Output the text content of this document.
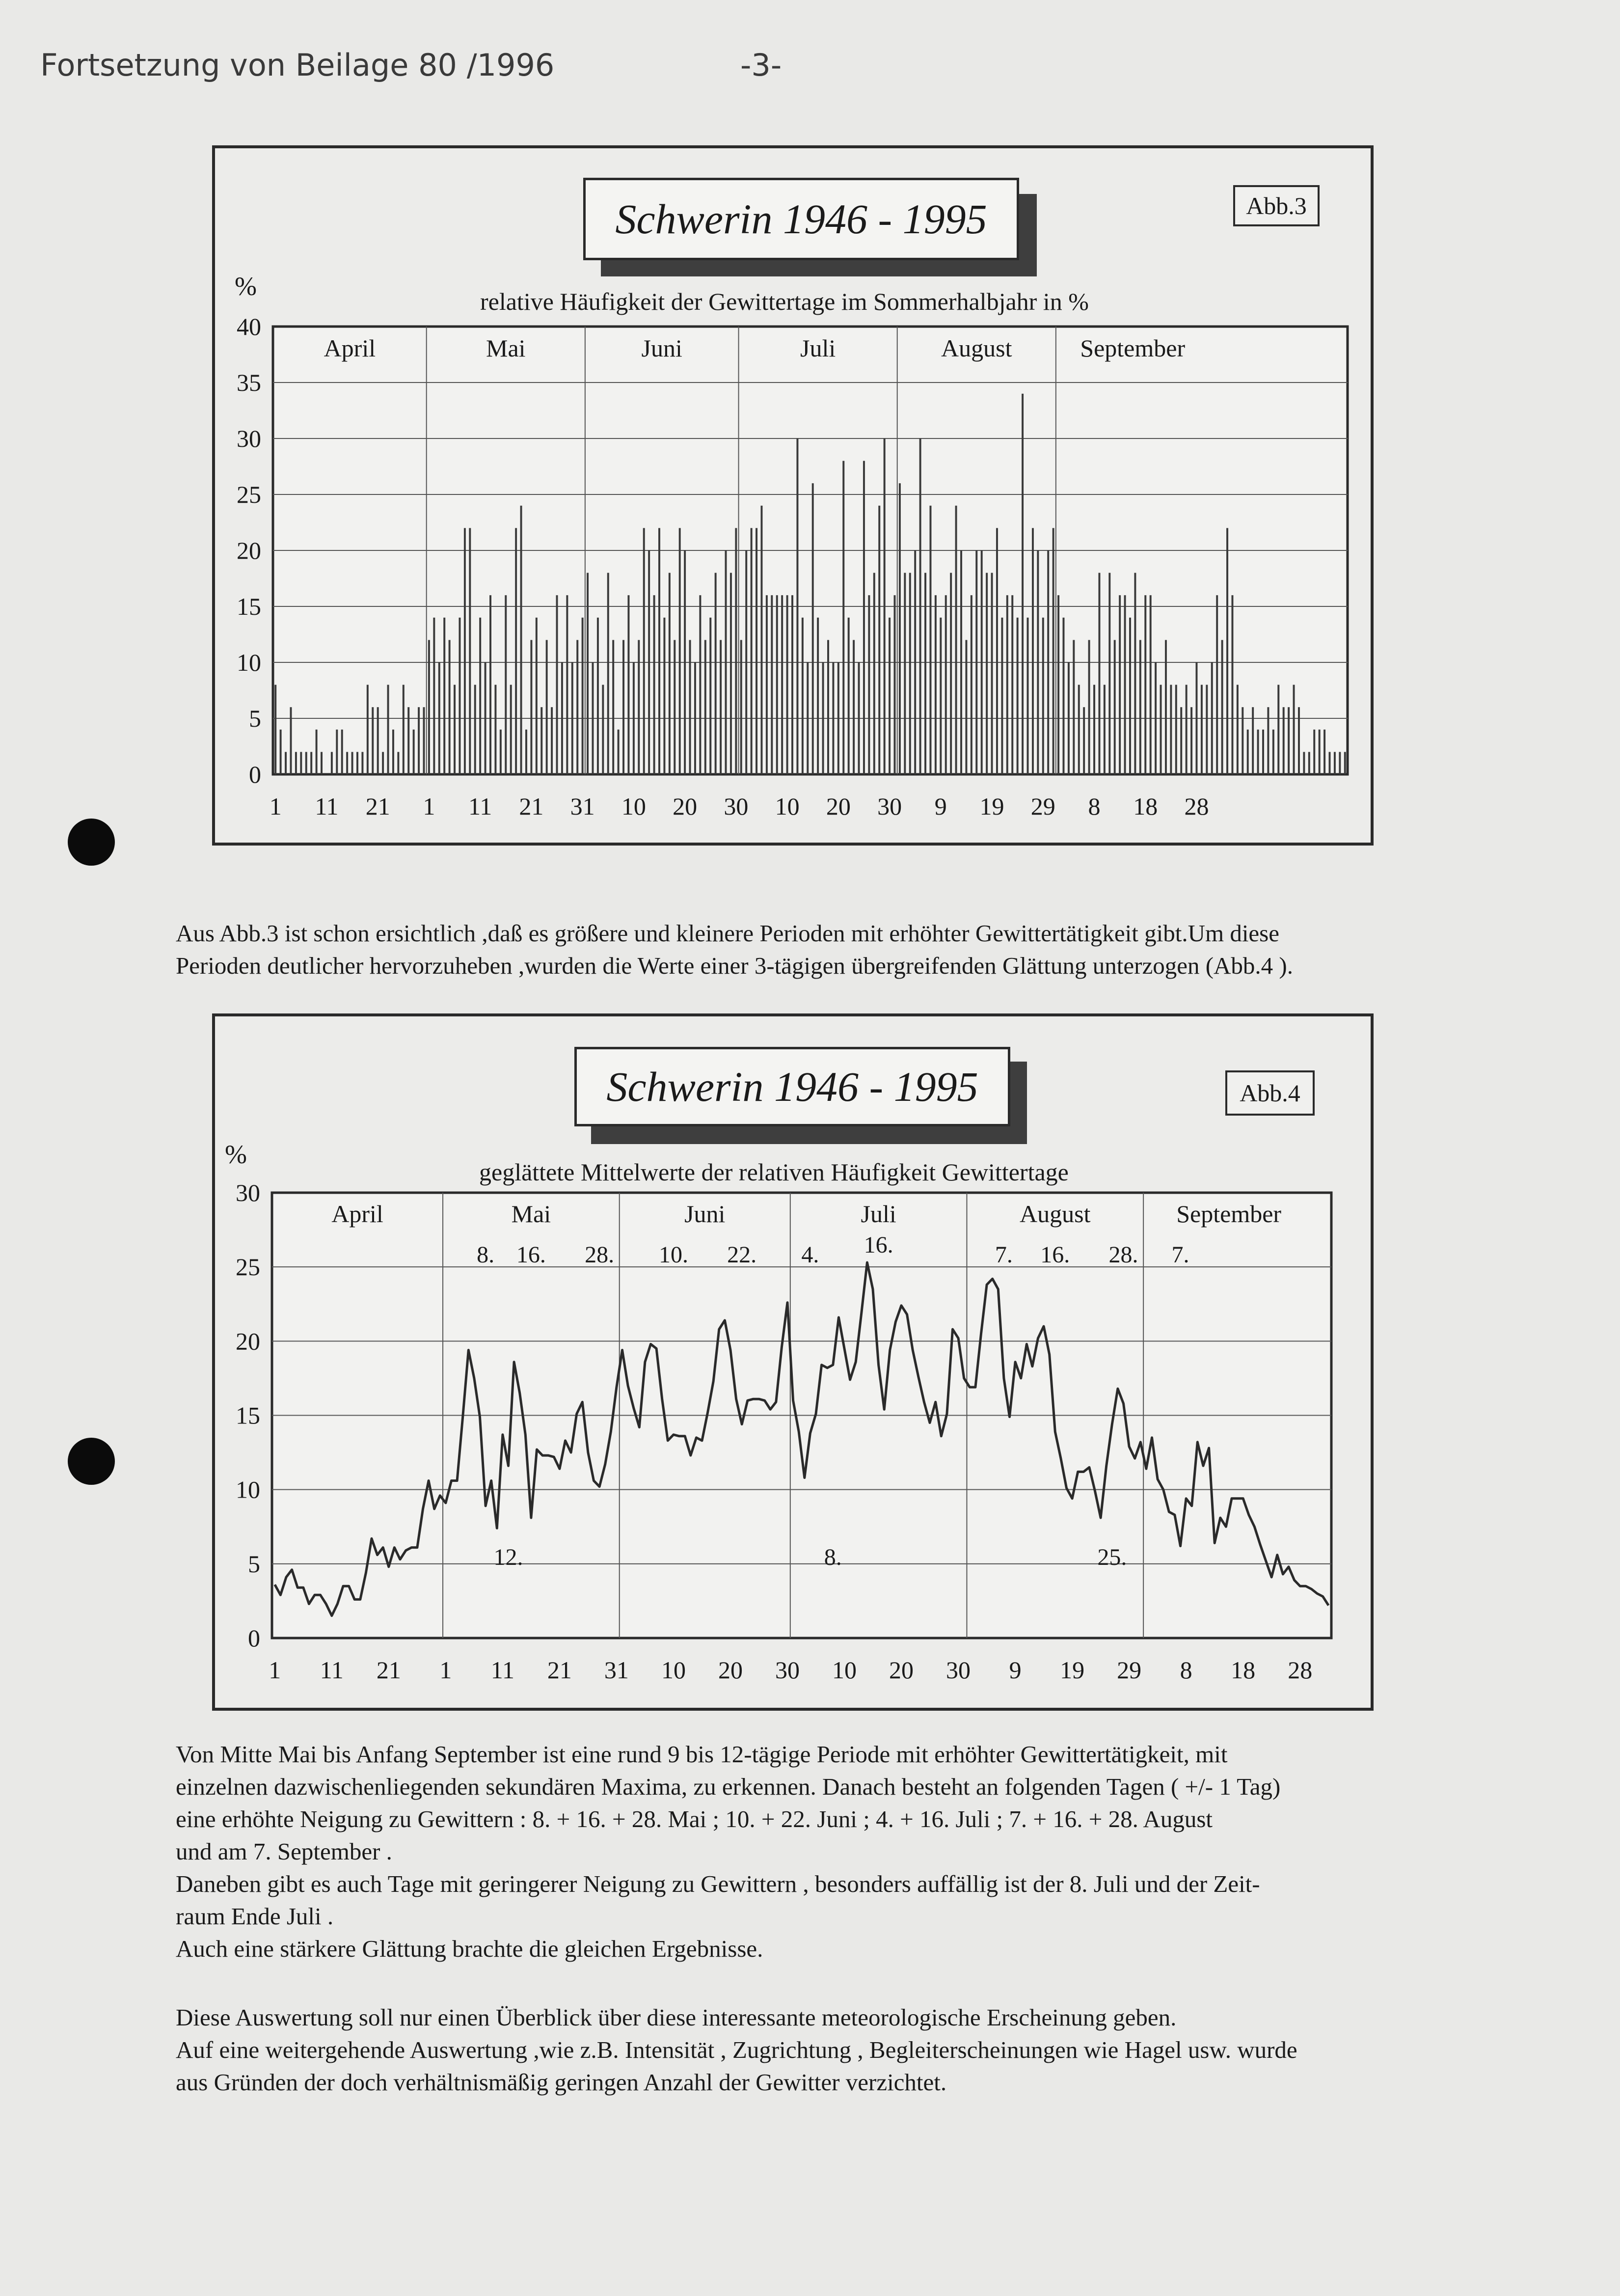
Fortsetzung von Beilage 80 /1996	-3-
Schwerin 1946 - 1995	Abb.3
%
relative Häufigkeit der Gewittertage im Sommerhalbjahr in %
0
5
10
15
20
25
30
35
40
April	Mai	Juni	Juli	August	September
1 11 21 1 11 21 31 10 20 30 10 20 30 9 19 29 8 18 28
Aus Abb.3 ist schon ersichtlich ,daß es größere und kleinere Perioden mit erhöhter Gewittertätigkeit gibt.Um diese
Perioden deutlicher hervorzuheben ,wurden die Werte einer 3-tägigen übergreifenden Glättung unterzogen (Abb.4 ).
Schwerin 1946 - 1995	Abb.4
%
geglättete Mittelwerte der relativen Häufigkeit Gewittertage
0
5
10
15
20
25
30
April	Mai	Juni	Juli	August	September
1 11 21 1 11 21 31 10 20 30 10 20 30 9 19 29 8 18 28
8. 16. 28. 10. 22. 4. 16.	7. 16. 28. 7.
12.	8.	25.
Von Mitte Mai bis Anfang September ist eine rund 9 bis 12-tägige Periode mit erhöhter Gewittertätigkeit, mit
einzelnen dazwischenliegenden sekundären Maxima, zu erkennen. Danach besteht an folgenden Tagen ( +/- 1 Tag)
eine erhöhte Neigung zu Gewittern : 8. + 16. + 28. Mai ; 10. + 22. Juni ; 4. + 16. Juli ; 7. + 16. + 28. August
und am 7. September .
Daneben gibt es auch Tage mit geringerer Neigung zu Gewittern , besonders auffällig ist der 8. Juli und der Zeit-
raum Ende Juli .
Auch eine stärkere Glättung brachte die gleichen Ergebnisse.
Diese Auswertung soll nur einen Überblick über diese interessante meteorologische Erscheinung geben.
Auf eine weitergehende Auswertung ,wie z.B. Intensität , Zugrichtung , Begleiterscheinungen wie Hagel usw. wurde
aus Gründen der doch verhältnismäßig geringen Anzahl der Gewitter verzichtet.
